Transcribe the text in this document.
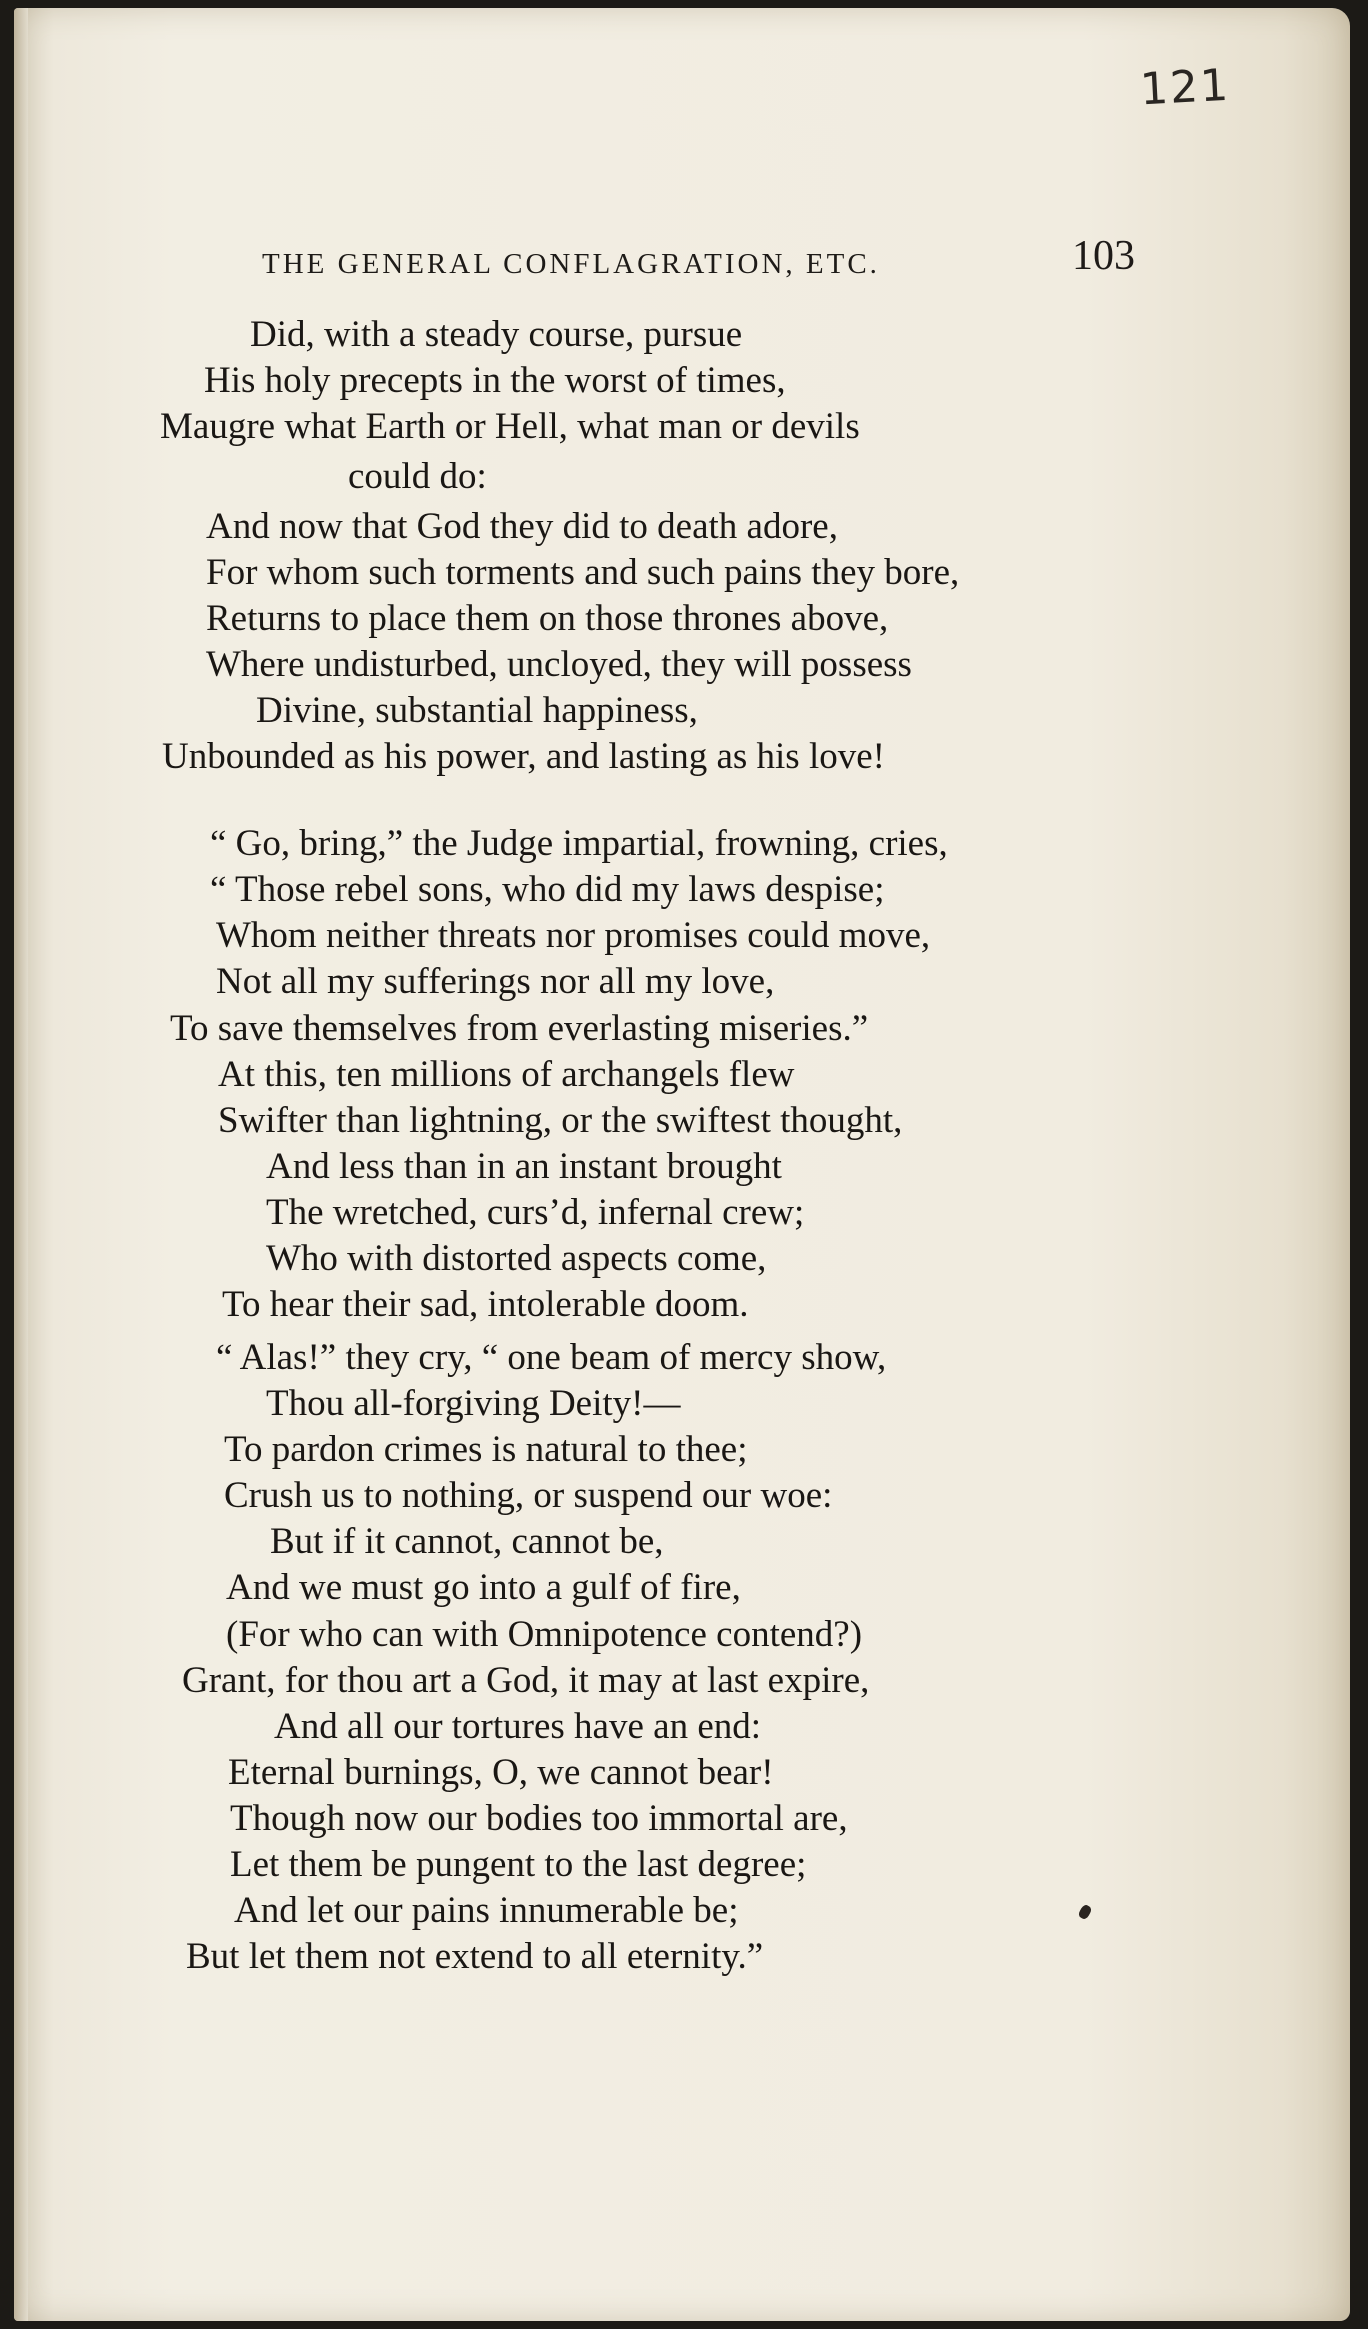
121
THE GENERAL CONFLAGRATION, ETC.	103
Did, with a steady course, pursue
His holy precepts in the worst of times,
Maugre what Earth or Hell, what man or devils
could do:
And now that God they did to death adore,
For whom such torments and such pains they bore,
Returns to place them on those thrones above,
Where undisturbed, uncloyed, they will possess
Divine, substantial happiness,
Unbounded as his power, and lasting as his love!
“ Go, bring,” the Judge impartial, frowning, cries,
“ Those rebel sons, who did my laws despise;
Whom neither threats nor promises could move,
Not all my sufferings nor all my love,
To save themselves from everlasting miseries.”
At this, ten millions of archangels flew
Swifter than lightning, or the swiftest thought,
And less than in an instant brought
The wretched, curs’d, infernal crew;
Who with distorted aspects come,
To hear their sad, intolerable doom.
“ Alas!” they cry, “ one beam of mercy show,
Thou all-forgiving Deity!—
To pardon crimes is natural to thee;
Crush us to nothing, or suspend our woe:
But if it cannot, cannot be,
And we must go into a gulf of fire,
(For who can with Omnipotence contend?)
Grant, for thou art a God, it may at last expire,
And all our tortures have an end:
Eternal burnings, O, we cannot bear!
Though now our bodies too immortal are,
Let them be pungent to the last degree;
And let our pains innumerable be;
But let them not extend to all eternity.”
